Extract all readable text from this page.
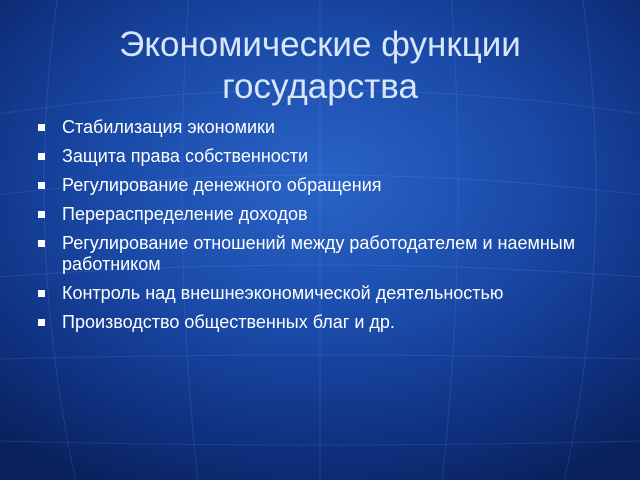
Экономические функции государства
Стабилизация экономики
Защита права собственности
Регулирование денежного обращения
Перераспределение доходов
Регулирование отношений между работодателем и наемным работником
Контроль над внешнеэкономической деятельностью
Производство общественных благ и др.
